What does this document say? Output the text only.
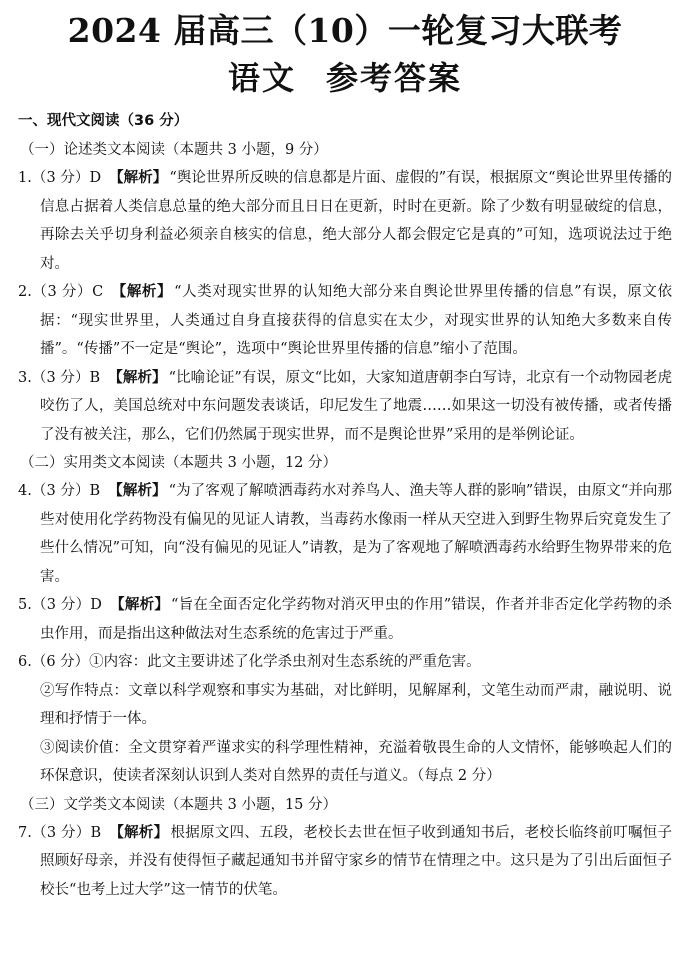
2024 届高三（10）一轮复习大联考
语文 参考答案
一、现代文阅读（36 分）

（一）论述类文本阅读（本题共 3 小题，9 分）

1.（3 分）D 【解析】 “舆论世界所反映的信息都是片面、虚假的”有误，根据原文“舆论世界里传播的信息占据着人类信息总量的绝大部分而且日日在更新，时时在更新。除了少数有明显破绽的信息，再除去关乎切身利益必须亲自核实的信息，绝大部分人都会假定它是真的”可知，选项说法过于绝对。

2.（3 分）C 【解析】 “人类对现实世界的认知绝大部分来自舆论世界里传播的信息”有误，原文依据：“现实世界里，人类通过自身直接获得的信息实在太少，对现实世界的认知绝大多数来自传播”。“传播”不一定是“舆论”，选项中“舆论世界里传播的信息”缩小了范围。

3.（3 分）B 【解析】 “比喻论证”有误，原文“比如，大家知道唐朝李白写诗，北京有一个动物园老虎咬伤了人，美国总统对中东问题发表谈话，印尼发生了地震……如果这一切没有被传播，或者传播了没有被关注，那么，它们仍然属于现实世界，而不是舆论世界”采用的是举例论证。

（二）实用类文本阅读（本题共 3 小题，12 分）

4.（3 分）B 【解析】 “为了客观了解喷洒毒药水对养鸟人、渔夫等人群的影响”错误，由原文“并向那些对使用化学药物没有偏见的见证人请教，当毒药水像雨一样从天空进入到野生物界后究竟发生了些什么情况”可知，向“没有偏见的见证人”请教，是为了客观地了解喷洒毒药水给野生物界带来的危害。

5.（3 分）D 【解析】 “旨在全面否定化学药物对消灭甲虫的作用”错误，作者并非否定化学药物的杀虫作用，而是指出这种做法对生态系统的危害过于严重。

6.（6 分）①内容：此文主要讲述了化学杀虫剂对生态系统的严重危害。

②写作特点：文章以科学观察和事实为基础，对比鲜明，见解犀利，文笔生动而严肃，融说明、说理和抒情于一体。

③阅读价值：全文贯穿着严谨求实的科学理性精神，充溢着敬畏生命的人文情怀，能够唤起人们的环保意识，使读者深刻认识到人类对自然界的责任与道义。（每点 2 分）

（三）文学类文本阅读（本题共 3 小题，15 分）

7.（3 分）B 【解析】 根据原文四、五段，老校长去世在恒子收到通知书后，老校长临终前叮嘱恒子照顾好母亲，并没有使得恒子藏起通知书并留守家乡的情节在情理之中。这只是为了引出后面恒子校长“也考上过大学”这一情节的伏笔。
